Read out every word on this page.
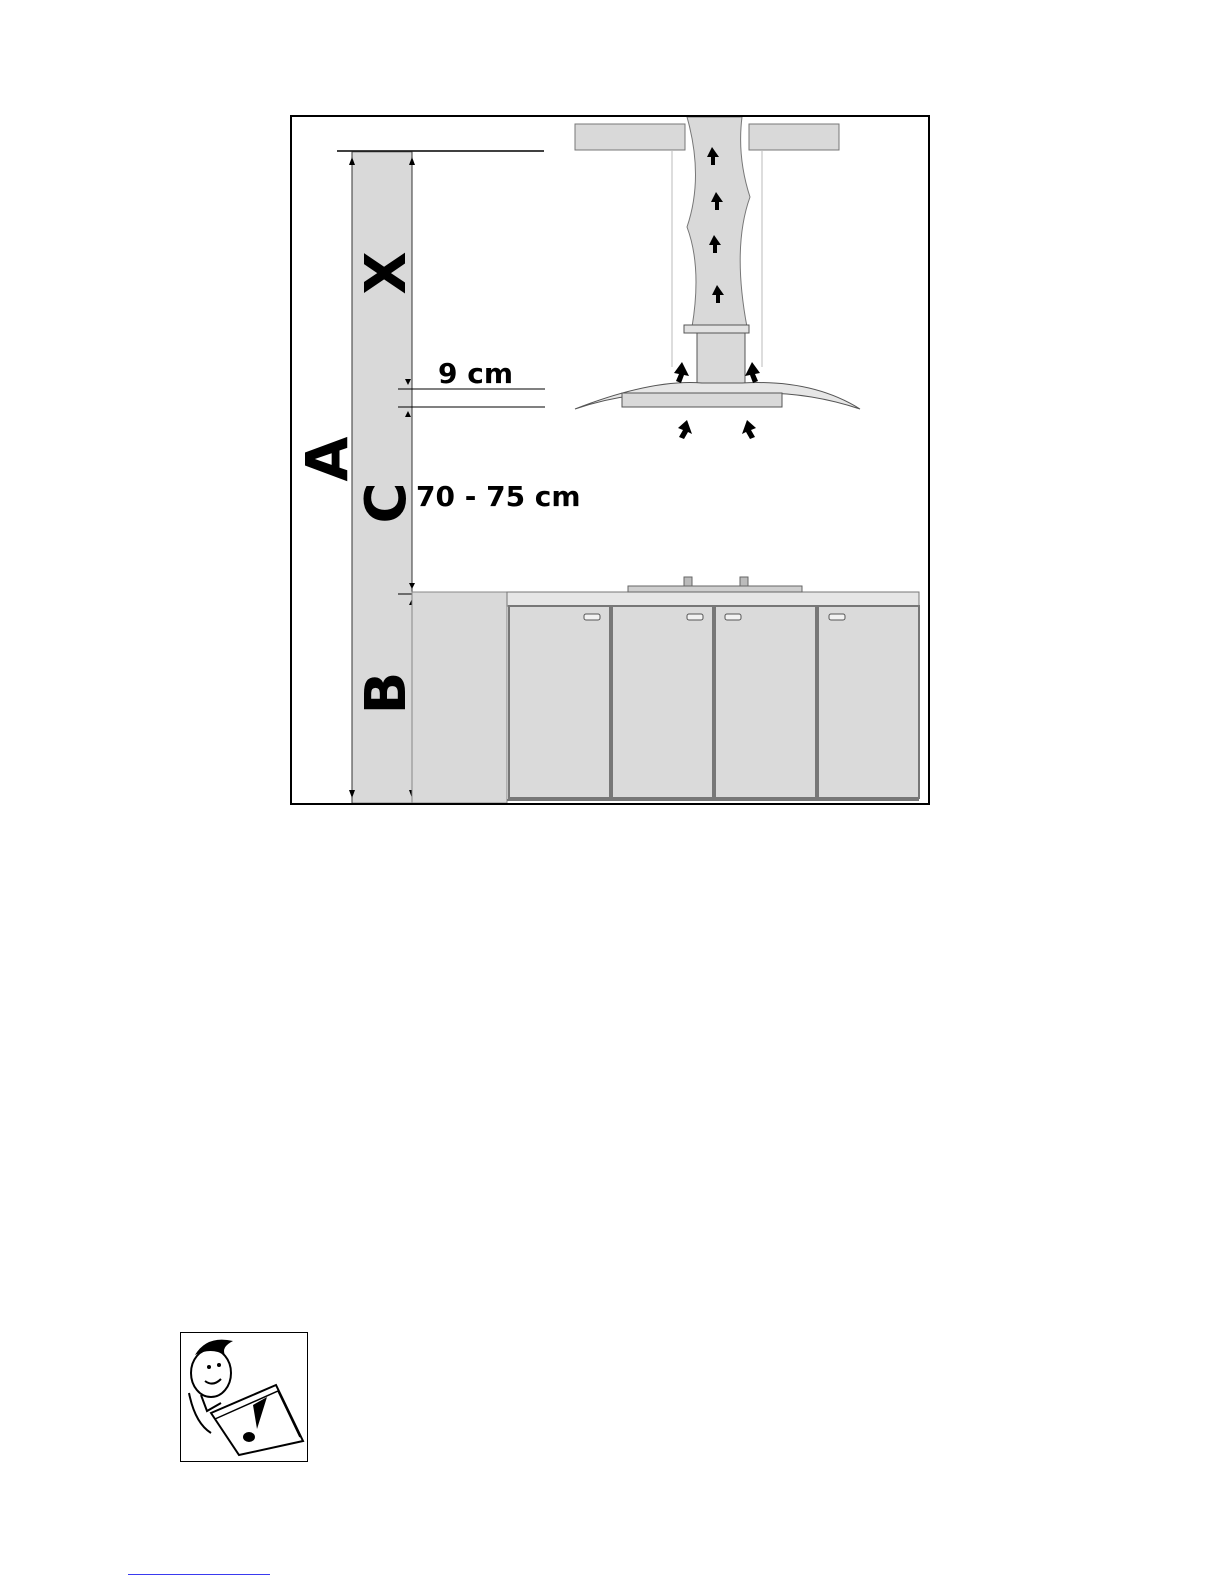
X
A
C
B
9 cm
70 - 75 cm
